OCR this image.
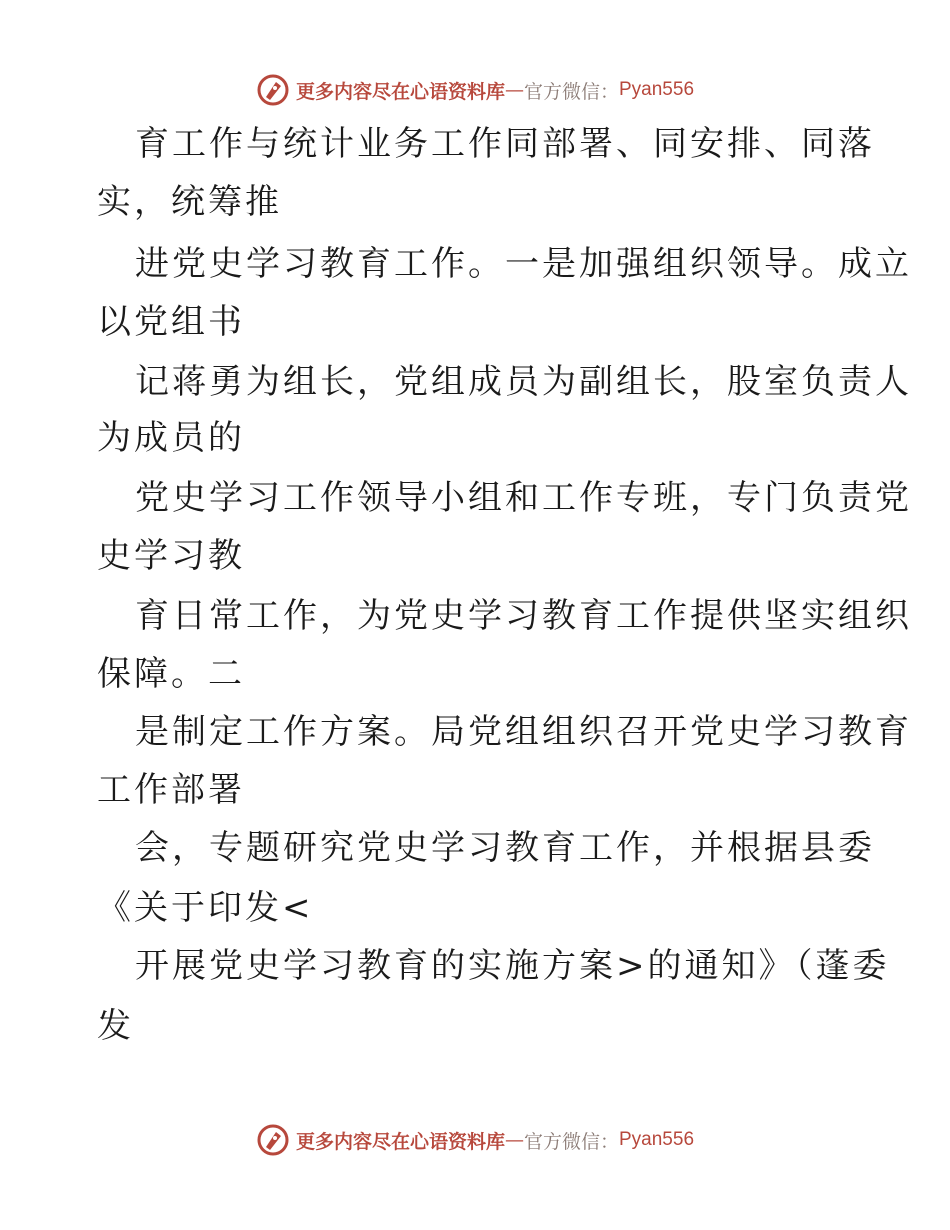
更多内容尽在心语资料库 — 官方微信： Pyan556
育工作与统计业务工作同部署、同安排、同落
实，统筹推
进党史学习教育工作。一是加强组织领导。成立
以党组书
记蒋勇为组长，党组成员为副组长，股室负责人
为成员的
党史学习工作领导小组和工作专班，专门负责党
史学习教
育日常工作，为党史学习教育工作提供坚实组织
保障。二
是制定工作方案。局党组组织召开党史学习教育
工作部署
会，专题研究党史学习教育工作，并根据县委
《关于印发<
开展党史学习教育的实施方案>的通知》（蓬委
发
更多内容尽在心语资料库 — 官方微信： Pyan556
